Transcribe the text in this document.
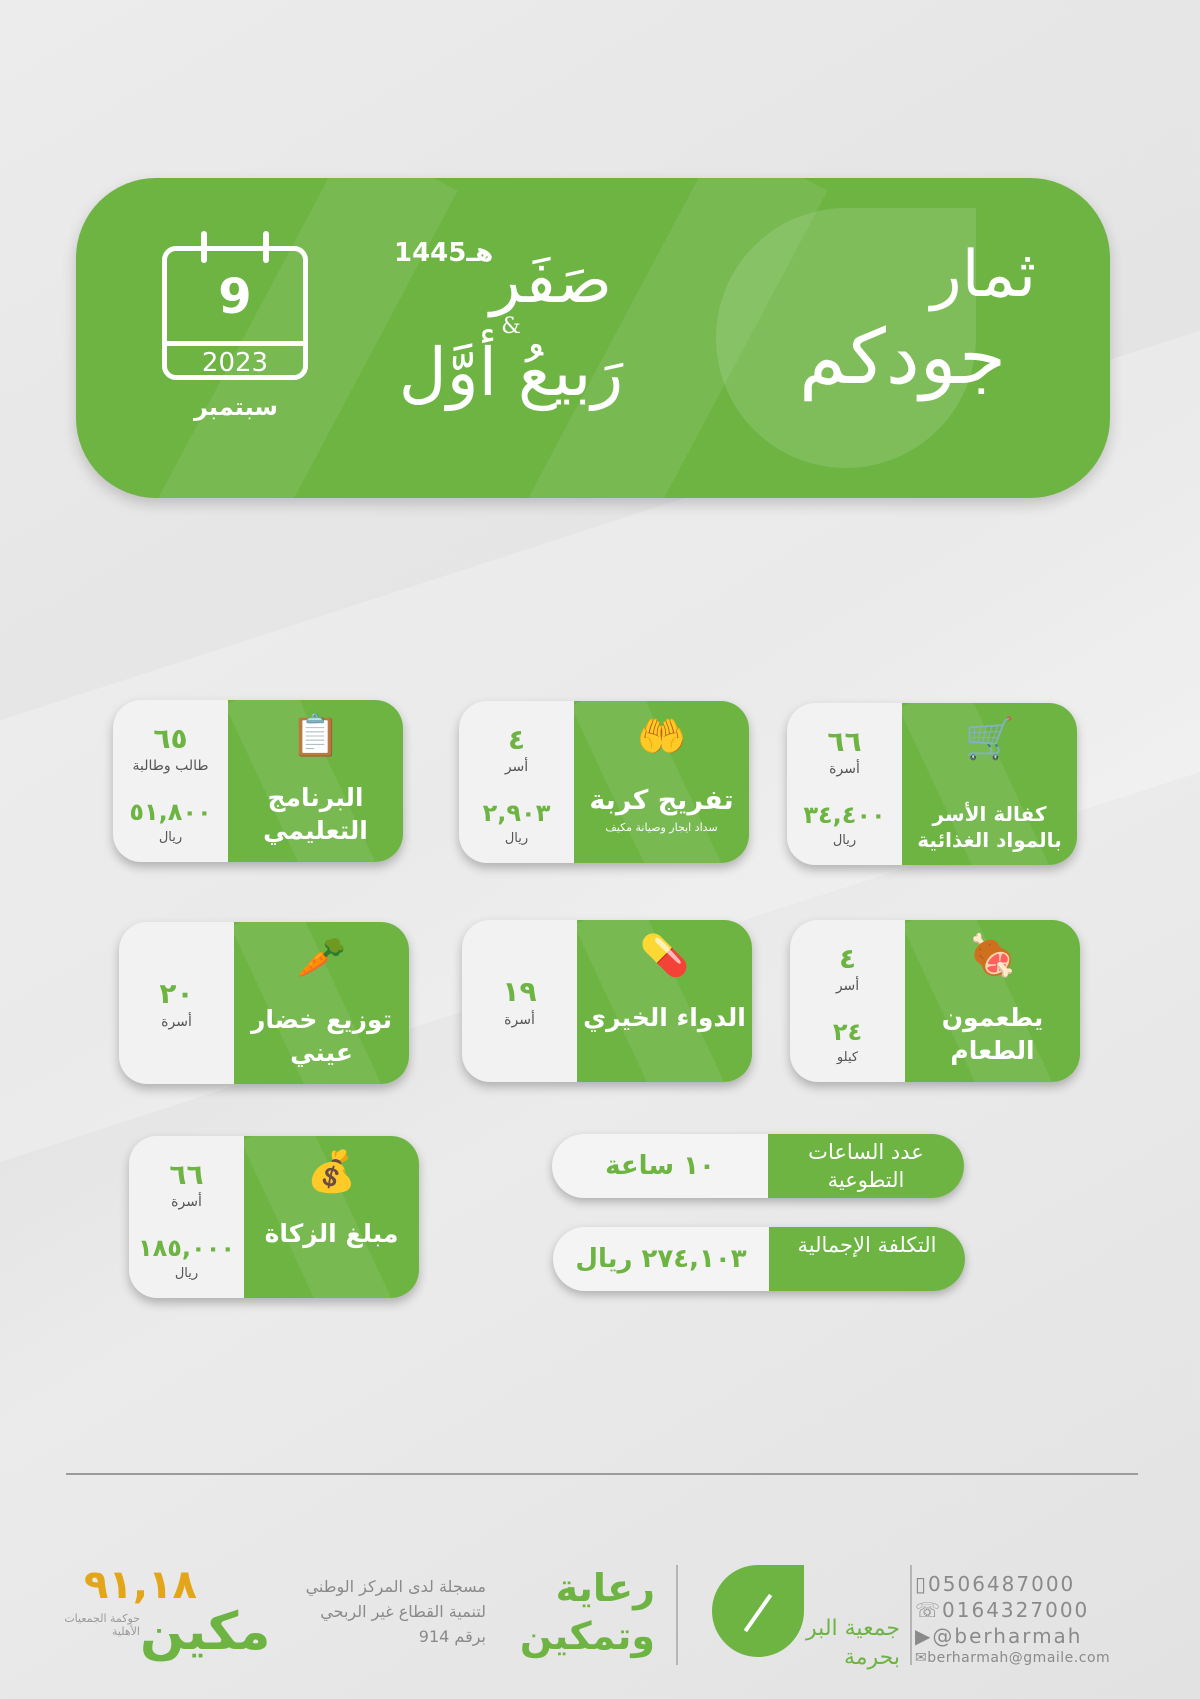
9
2023
سبتمبر
1445هـ
صَفَر
&
رَبيعُ أوَّل
ثمار
جودكم
🛒
كفالة الأسر بالمواد الغذائية
٦٦
أسرة
٣٤,٤٠٠
ريال
🤲
تفريج كربة
سداد ايجار وصيانة مكيف
٤
أسر
٢,٩٠٣
ريال
📋
البرنامج التعليمي
٦٥
طالب وطالبة
٥١,٨٠٠
ريال
🍖
يطعمون الطعام
٤
أسر
٢٤
كيلو
💊
الدواء الخيري
١٩
أسرة
🥕
توزيع خضار عيني
٢٠
أسرة
💰
مبلغ الزكاة
٦٦
أسرة
١٨٥,٠٠٠
ريال
عدد الساعات التطوعية
١٠ ساعة
التكلفة الإجمالية
٢٧٤,١٠٣ ريال
▯0506487000
☏0164327000
▶@berharmah
✉berharmah@gmaile.com
جمعية البر بحرمة
رعاية
وتمكين
مسجلة لدى المركز الوطني لتنمية القطاع غير الربحي برقم 914
٩١,١٨
مكين
حوكمة الجمعيات الأهلية
